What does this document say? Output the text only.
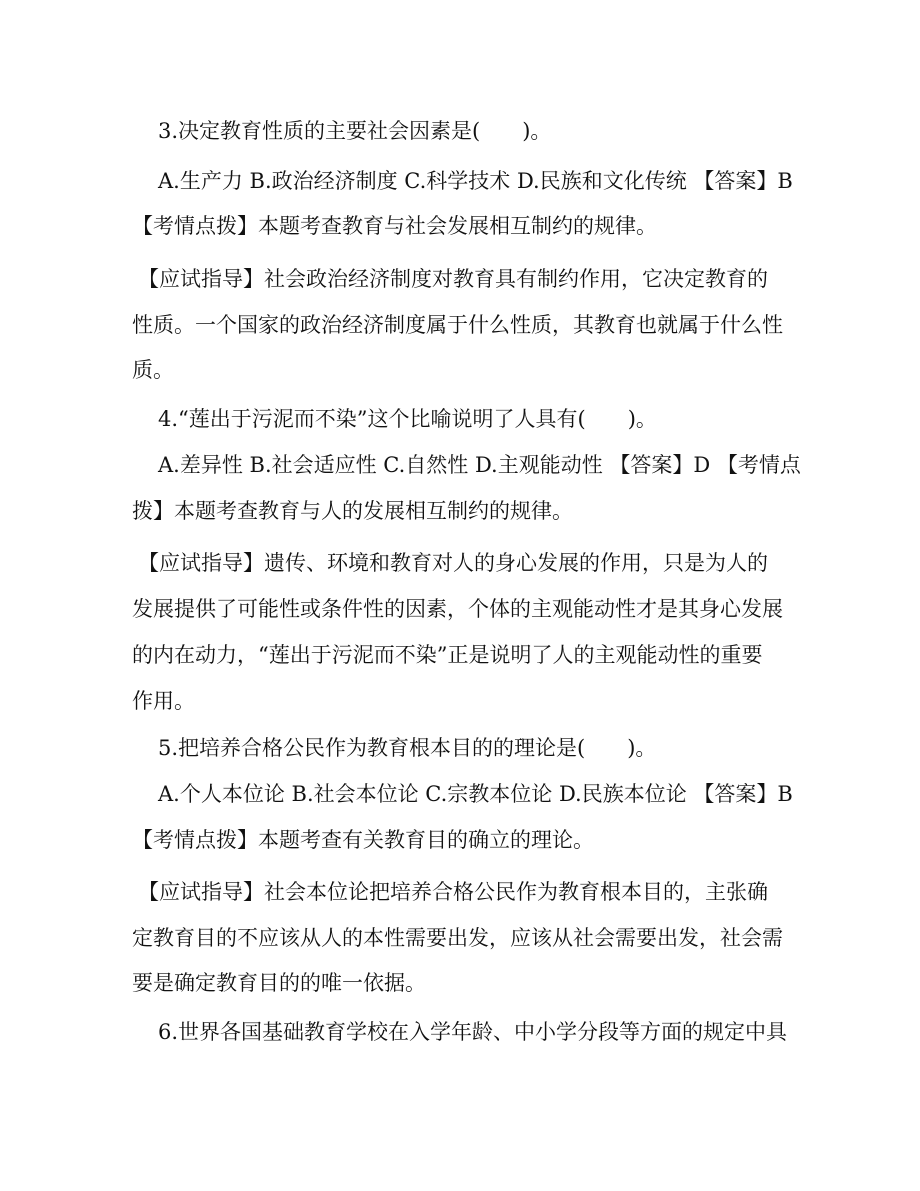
3.决定教育性质的主要社会因素是(　　)。
A.生产力 B.政治经济制度 C.科学技术 D.民族和文化传统 【答案】B
【考情点拨】本题考查教育与社会发展相互制约的规律。
【应试指导】社会政治经济制度对教育具有制约作用，它决定教育的
性质。一个国家的政治经济制度属于什么性质，其教育也就属于什么性
质。
4.“莲出于污泥而不染”这个比喻说明了人具有(　　)。
A.差异性 B.社会适应性 C.自然性 D.主观能动性 【答案】D 【考情点
拨】本题考查教育与人的发展相互制约的规律。
【应试指导】遗传、环境和教育对人的身心发展的作用，只是为人的
发展提供了可能性或条件性的因素，个体的主观能动性才是其身心发展
的内在动力，“莲出于污泥而不染”正是说明了人的主观能动性的重要
作用。
5.把培养合格公民作为教育根本目的的理论是(　　)。
A.个人本位论 B.社会本位论 C.宗教本位论 D.民族本位论 【答案】B
【考情点拨】本题考查有关教育目的确立的理论。
【应试指导】社会本位论把培养合格公民作为教育根本目的，主张确
定教育目的不应该从人的本性需要出发，应该从社会需要出发，社会需
要是确定教育目的的唯一依据。
6.世界各国基础教育学校在入学年龄、中小学分段等方面的规定中具
